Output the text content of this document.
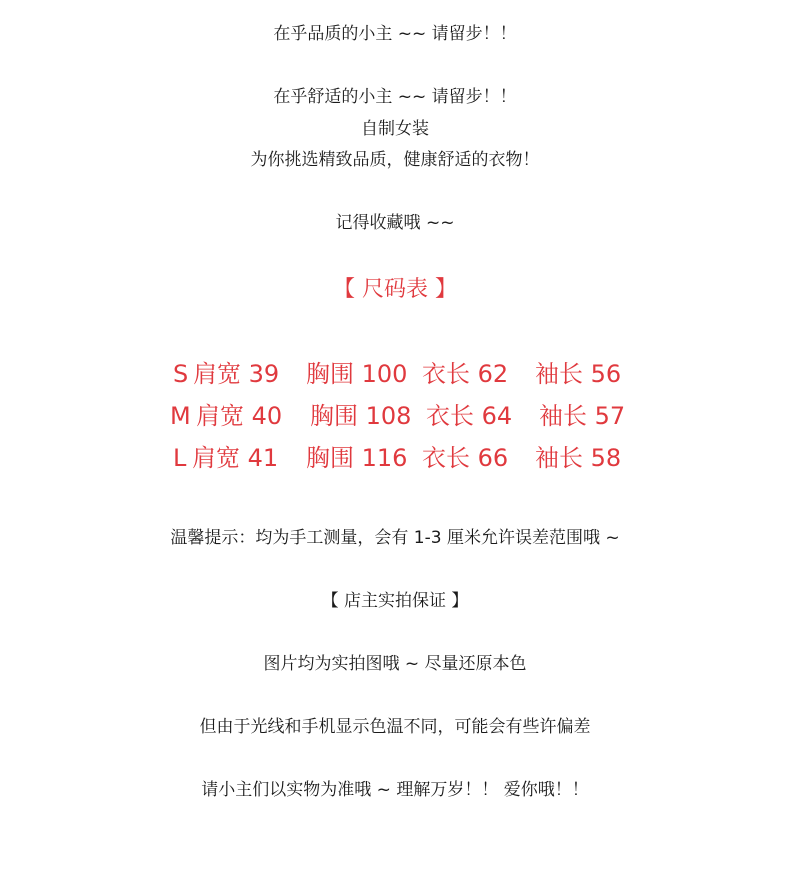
在乎品质的小主 ~~ 请留步！！
在乎舒适的小主 ~~ 请留步！！
自制女装
为你挑选精致品质，健康舒适的衣物！
记得收藏哦 ~~
【 尺码表 】
S 肩宽 39 胸围 100 衣长 62 袖长 56
M 肩宽 40 胸围 108 衣长 64 袖长 57
L 肩宽 41 胸围 116 衣长 66 袖长 58
温馨提示：均为手工测量，会有 1-3 厘米允许误差范围哦 ~
【 店主实拍保证 】
图片均为实拍图哦 ~ 尽量还原本色
但由于光线和手机显示色温不同，可能会有些许偏差
请小主们以实物为准哦 ~ 理解万岁！！ 爱你哦！！
